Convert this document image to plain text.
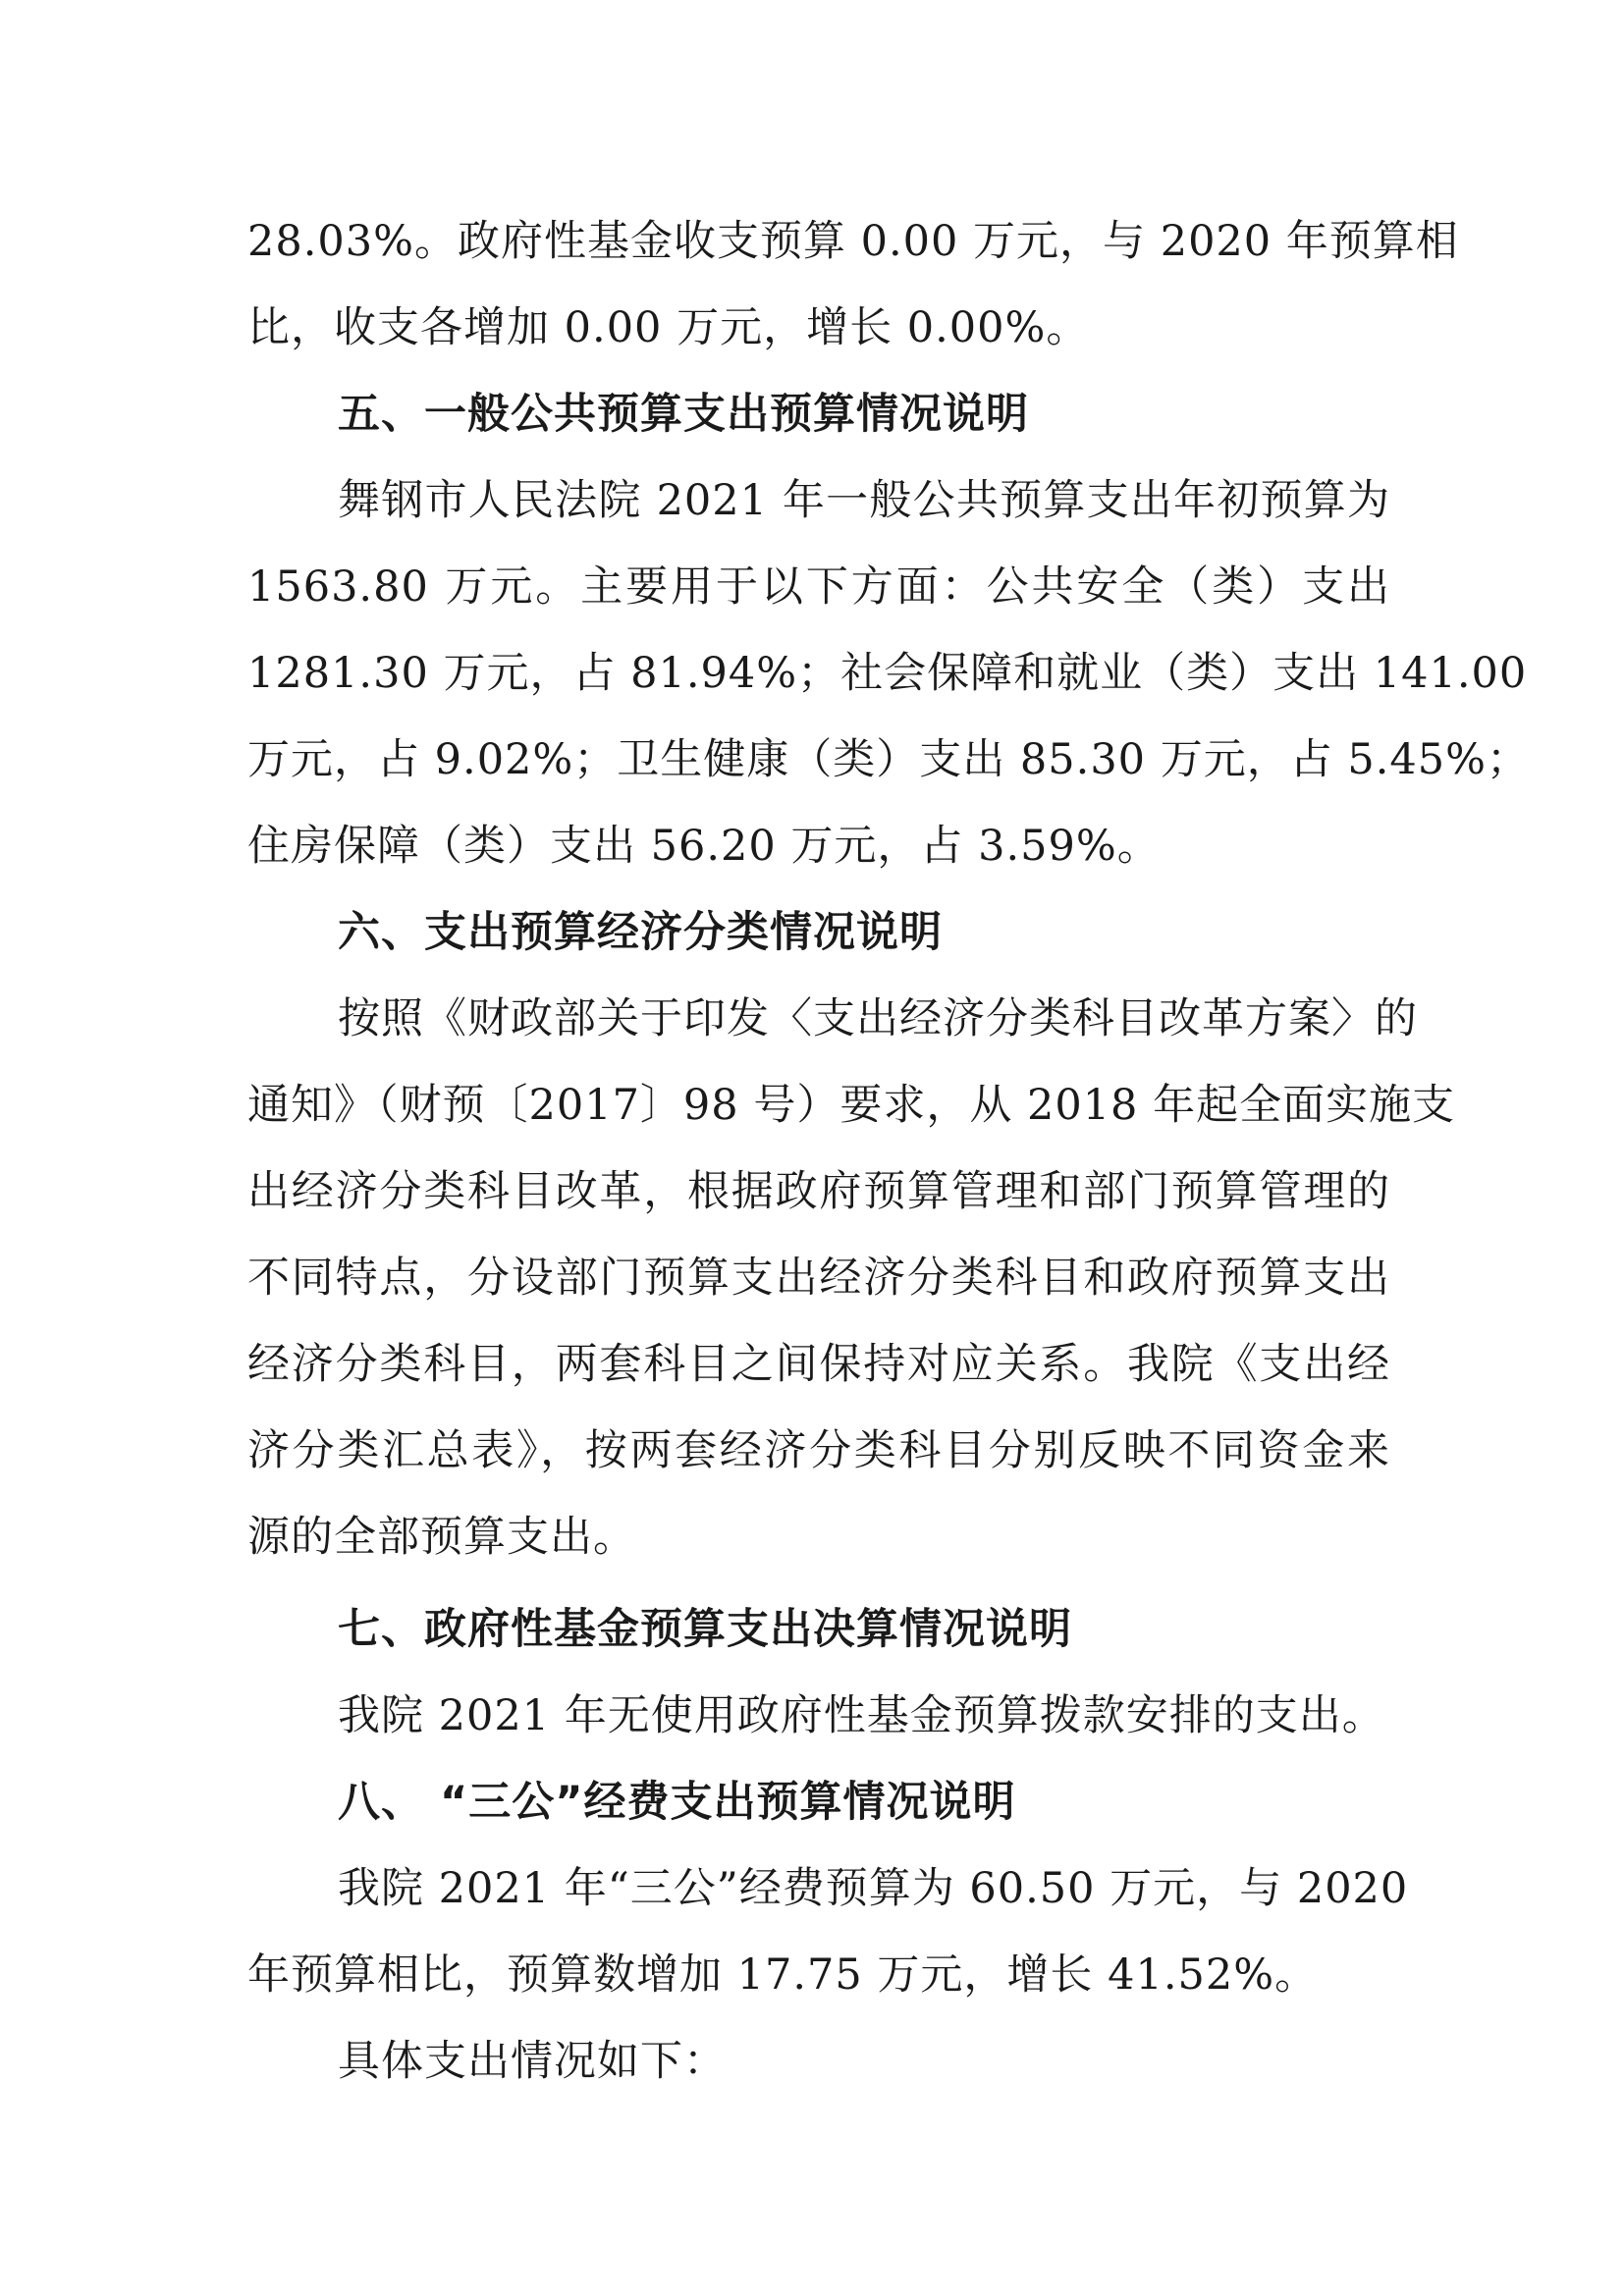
28.03%。政府性基金收支预算 0.00 万元，与 2020 年预算相
比，收支各增加 0.00 万元，增长 0.00%。
五、一般公共预算支出预算情况说明
舞钢市人民法院 2021 年一般公共预算支出年初预算为
1563.80 万元。主要用于以下方面：公共安全（类）支出
1281.30 万元，占 81.94%；社会保障和就业（类）支出 141.00
万元，占 9.02%；卫生健康（类）支出 85.30 万元，占 5.45%；
住房保障（类）支出 56.20 万元，占 3.59%。
六、支出预算经济分类情况说明
按照《财政部关于印发〈支出经济分类科目改革方案〉的
通知》（财预〔2017〕98 号）要求，从 2018 年起全面实施支
出经济分类科目改革，根据政府预算管理和部门预算管理的
不同特点，分设部门预算支出经济分类科目和政府预算支出
经济分类科目，两套科目之间保持对应关系。我院《支出经
济分类汇总表》，按两套经济分类科目分别反映不同资金来
源的全部预算支出。
七、政府性基金预算支出决算情况说明
我院 2021 年无使用政府性基金预算拨款安排的支出。
八、 “三公”经费支出预算情况说明
我院 2021 年“三公”经费预算为 60.50 万元，与 2020
年预算相比，预算数增加 17.75 万元，增长 41.52%。
具体支出情况如下：
